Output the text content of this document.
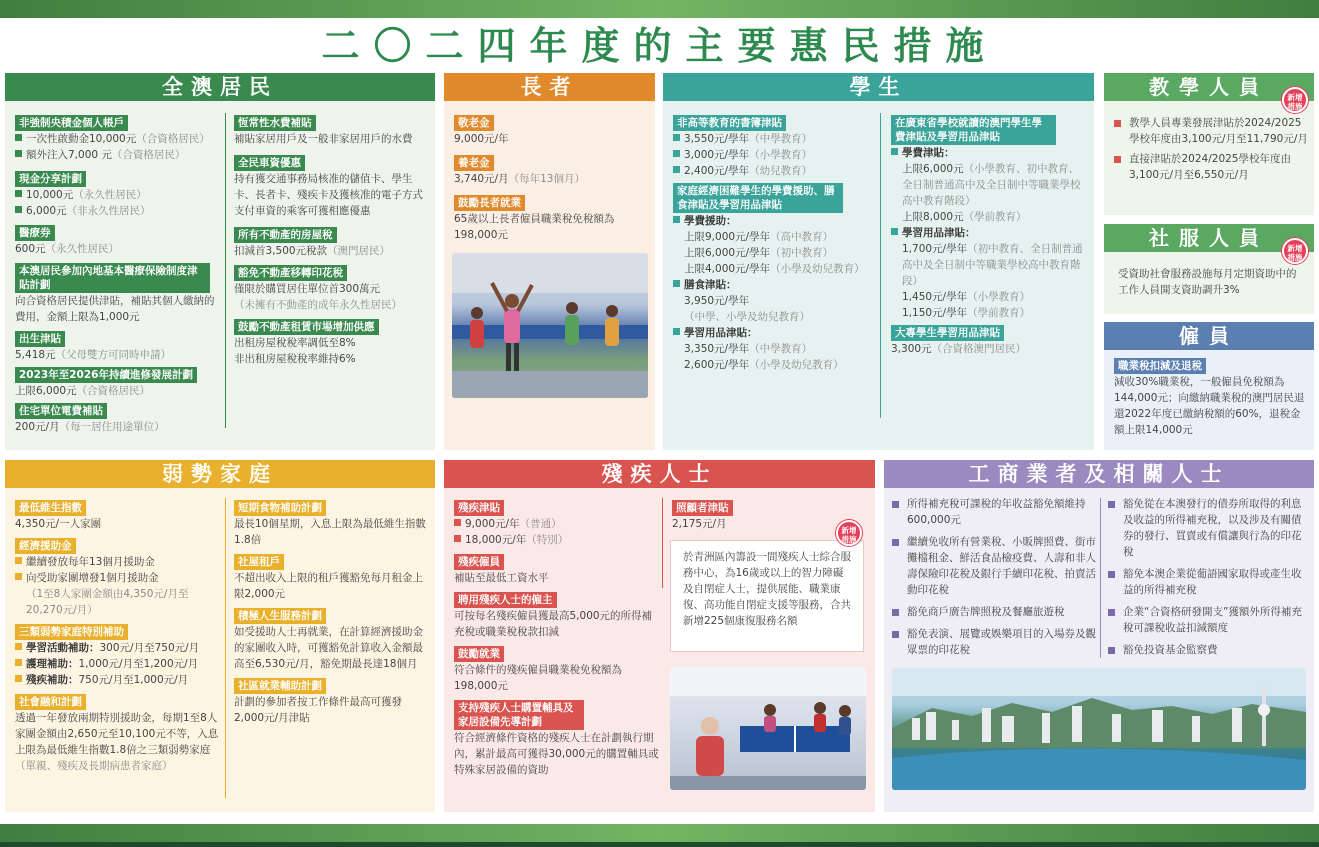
二〇二四年度的主要惠民措施
全澳居民
非強制央積金個人帳戶
一次性啟動金10,000元（合資格居民）
額外注入7,000 元（合資格居民）
現金分享計劃
10,000元（永久性居民）
6,000元（非永久性居民）
醫療券
600元（永久性居民）
本澳居民參加內地基本醫療保險制度津貼計劃
向合資格居民提供津貼，補貼其個人繳納的費用，金額上限為1,000元
出生津貼
5,418元（父母雙方可同時申請）
2023年至2026年持續進修發展計劃
上限6,000元（合資格居民）
住宅單位電費補貼
200元/月（每一居住用途單位）
恆常性水費補貼
補貼家居用戶及一般非家居用戶的水費
全民車資優惠
持有獲交通事務局核准的儲值卡、學生卡、長者卡、殘疾卡及獲核准的電子方式支付車資的乘客可獲相應優惠
所有不動產的房屋稅
扣減首3,500元稅款（澳門居民）
豁免不動產移轉印花稅
僅限於購買居住單位首300萬元
（未擁有不動產的成年永久性居民）
鼓勵不動產租賃市場增加供應
出租房屋稅稅率調低至8%
非出租房屋稅稅率維持6%
長者
敬老金
9,000元/年
養老金
3,740元/月（每年13個月）
鼓勵長者就業
65歲以上長者僱員職業稅免稅額為198,000元
學生
非高等教育的書簿津貼
3,550元/學年（中學教育）
3,000元/學年（小學教育）
2,400元/學年（幼兒教育）
家庭經濟困難學生的學費援助、膳食津貼及學習用品津貼
學費援助：
上限9,000元/學年（高中教育）
上限6,000元/學年（初中教育）
上限4,000元/學年（小學及幼兒教育）
膳食津貼：
3,950元/學年
（中學、小學及幼兒教育）
學習用品津貼：
3,350元/學年（中學教育）
2,600元/學年（小學及幼兒教育）
在廣東省學校就讀的澳門學生學費津貼及學習用品津貼
學費津貼：
上限6,000元（小學教育、初中教育、全日制普通高中及全日制中等職業學校高中教育階段）
上限8,000元（學前教育）
學習用品津貼：
1,700元/學年（初中教育、全日制普通高中及全日制中等職業學校高中教育階段）
1,450元/學年（小學教育）
1,150元/學年（學前教育）
大專學生學習用品津貼
3,300元（合資格澳門居民）
教學人員	新增
措施
教學人員專業發展津貼於2024/2025學校年度由3,100元/月至11,790元/月
直接津貼於2024/2025學校年度由3,100元/月至6,550元/月
社服人員	新增
措施
受資助社會服務設施每月定期資助中的工作人員開支資助調升3%
僱員
職業稅扣減及退稅
減收30%職業稅，一般僱員免稅額為144,000元；向繳納職業稅的澳門居民退還2022年度已繳納稅額的60%，退稅金額上限14,000元
弱勢家庭
最低維生指數
4,350元/一人家團
經濟援助金
繼續發放每年13個月援助金
向受助家團增發1個月援助金
（1至8人家團金額由4,350元/月至20,270元/月）
三類弱勢家庭特別補助
學習活動補助：300元/月至750元/月
護理補助：1,000元/月至1,200元/月
殘疾補助：750元/月至1,000元/月
社會融和計劃
透過一年發放兩期特別援助金，每期1至8人家團金額由2,650元至10,100元不等，入息上限為最低維生指數1.8倍之三類弱勢家庭（單親、殘疾及長期病患者家庭）
短期食物補助計劃
最長10個星期，入息上限為最低維生指數1.8倍
社屋租戶
不超出收入上限的租戶獲豁免每月租金上限2,000元
積極人生服務計劃
如受援助人士再就業，在計算經濟援助金的家團收入時，可獲豁免計算收入金額最高至6,530元/月，豁免期最長達18個月
社區就業輔助計劃
計劃的參加者按工作條件最高可獲發2,000元/月津貼
殘疾人士
殘疾津貼
9,000元/年（普通）
18,000元/年（特別）
殘疾僱員
補貼至最低工資水平
聘用殘疾人士的僱主
可按每名殘疾僱員獲最高5,000元的所得補充稅或職業稅稅款扣減
鼓勵就業
符合條件的殘疾僱員職業稅免稅額為198,000元
支持殘疾人士購置輔具及家居設備先導計劃
符合經濟條件資格的殘疾人士在計劃執行期內，累計最高可獲得30,000元的購置輔具或特殊家居設備的資助
照顧者津貼
2,175元/月
於青洲區內籌設一間殘疾人士綜合服務中心，為16歲或以上的智力障礙及自閉症人士，提供展能、職業康復、高功能自閉症支援等服務，合共新增225個康復服務名額
新增
措施
工商業者及相關人士
所得補充稅可課稅的年收益豁免額維持600,000元
繼續免收所有營業稅、小販牌照費、街市攤檔租金、鮮活食品檢疫費、人壽和非人壽保險印花稅及銀行手續印花稅、拍賣活動印花稅
豁免商戶廣告牌照稅及餐廳旅遊稅
豁免表演、展覽或娛樂項目的入場券及觀眾票的印花稅
豁免從在本澳發行的債券所取得的利息及收益的所得補充稅，以及涉及有關債券的發行、買賣或有償讓與行為的印花稅
豁免本澳企業從葡語國家取得或產生收益的所得補充稅
企業“合資格研發開支”獲額外所得補充稅可課稅收益扣減額度
豁免投資基金監察費
